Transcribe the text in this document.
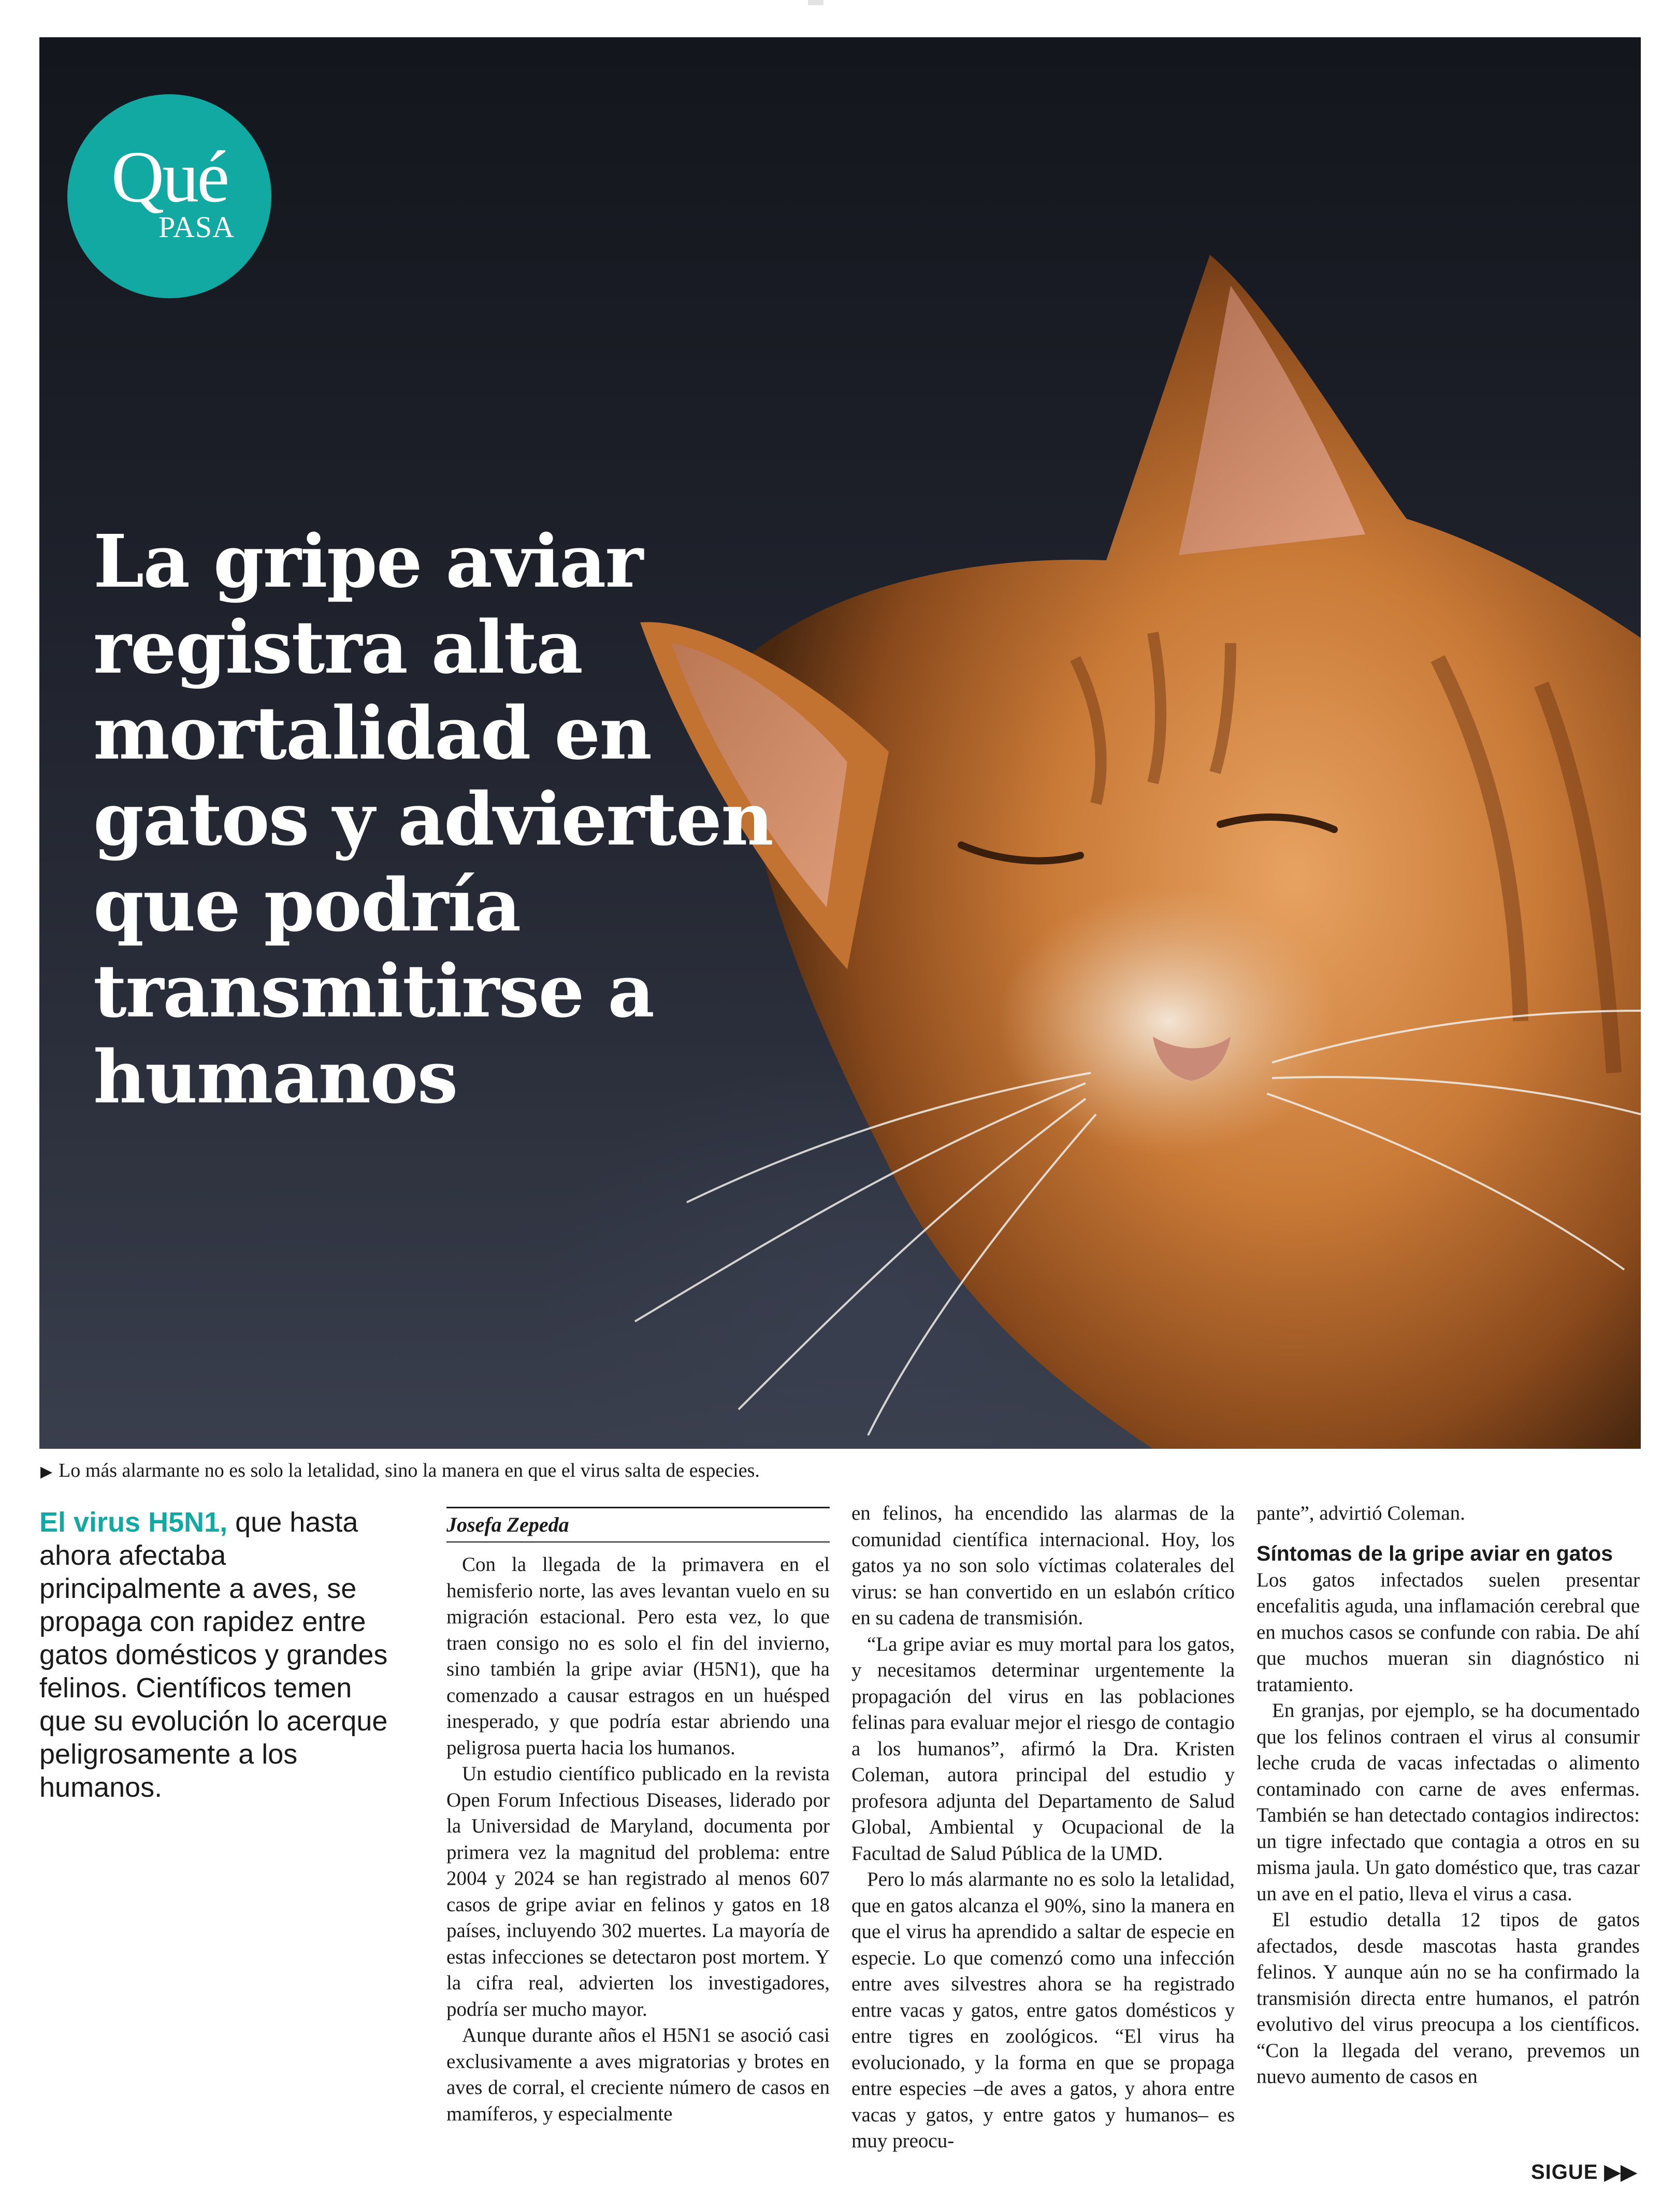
Qué
PASA
La gripe aviar registra alta mortalidad en gatos y advierten que podría transmitirse a humanos
▶ Lo más alarmante no es solo la letalidad, sino la manera en que el virus salta de especies.
El virus H5N1, que hasta ahora afectaba principalmente a aves, se propaga con rapidez entre gatos domésticos y grandes felinos. Científicos temen que su evolución lo acerque peligrosamente a los humanos.
Josefa Zepeda

Con la llegada de la primavera en el hemisferio norte, las aves levantan vuelo en su migración estacional. Pero esta vez, lo que traen consigo no es solo el fin del invierno, sino también la gripe aviar (H5N1), que ha comenzado a causar estragos en un huésped inesperado, y que podría estar abriendo una peligrosa puerta hacia los humanos.

Un estudio científico publicado en la revista Open Forum Infectious Diseases, liderado por la Universidad de Maryland, documenta por primera vez la magnitud del problema: entre 2004 y 2024 se han registrado al menos 607 casos de gripe aviar en felinos y gatos en 18 países, incluyendo 302 muertes. La mayoría de estas infecciones se detectaron post mortem. Y la cifra real, advierten los investigadores, podría ser mucho mayor.

Aunque durante años el H5N1 se asoció casi exclusivamente a aves migratorias y brotes en aves de corral, el creciente número de casos en mamíferos, y especialmente

en felinos, ha encendido las alarmas de la comunidad científica internacional. Hoy, los gatos ya no son solo víctimas colaterales del virus: se han convertido en un eslabón crítico en su cadena de transmisión.

“La gripe aviar es muy mortal para los gatos, y necesitamos determinar urgentemente la propagación del virus en las poblaciones felinas para evaluar mejor el riesgo de contagio a los humanos”, afirmó la Dra. Kristen Coleman, autora principal del estudio y profesora adjunta del Departamento de Salud Global, Ambiental y Ocupacional de la Facultad de Salud Pública de la UMD.

Pero lo más alarmante no es solo la letalidad, que en gatos alcanza el 90%, sino la manera en que el virus ha aprendido a saltar de especie en especie. Lo que comenzó como una infección entre aves silvestres ahora se ha registrado entre vacas y gatos, entre gatos domésticos y entre tigres en zoológicos. “El virus ha evolucionado, y la forma en que se propaga entre especies –de aves a gatos, y ahora entre vacas y gatos, y entre gatos y humanos– es muy preocu-

pante”, advirtió Coleman.

Síntomas de la gripe aviar en gatos

Los gatos infectados suelen presentar encefalitis aguda, una inflamación cerebral que en muchos casos se confunde con rabia. De ahí que muchos mueran sin diagnóstico ni tratamiento.

En granjas, por ejemplo, se ha documentado que los felinos contraen el virus al consumir leche cruda de vacas infectadas o alimento contaminado con carne de aves enfermas. También se han detectado contagios indirectos: un tigre infectado que contagia a otros en su misma jaula. Un gato doméstico que, tras cazar un ave en el patio, lleva el virus a casa.

El estudio detalla 12 tipos de gatos afectados, desde mascotas hasta grandes felinos. Y aunque aún no se ha confirmado la transmisión directa entre humanos, el patrón evolutivo del virus preocupa a los científicos. “Con la llegada del verano, prevemos un nuevo aumento de casos en

SIGUE ▶▶
